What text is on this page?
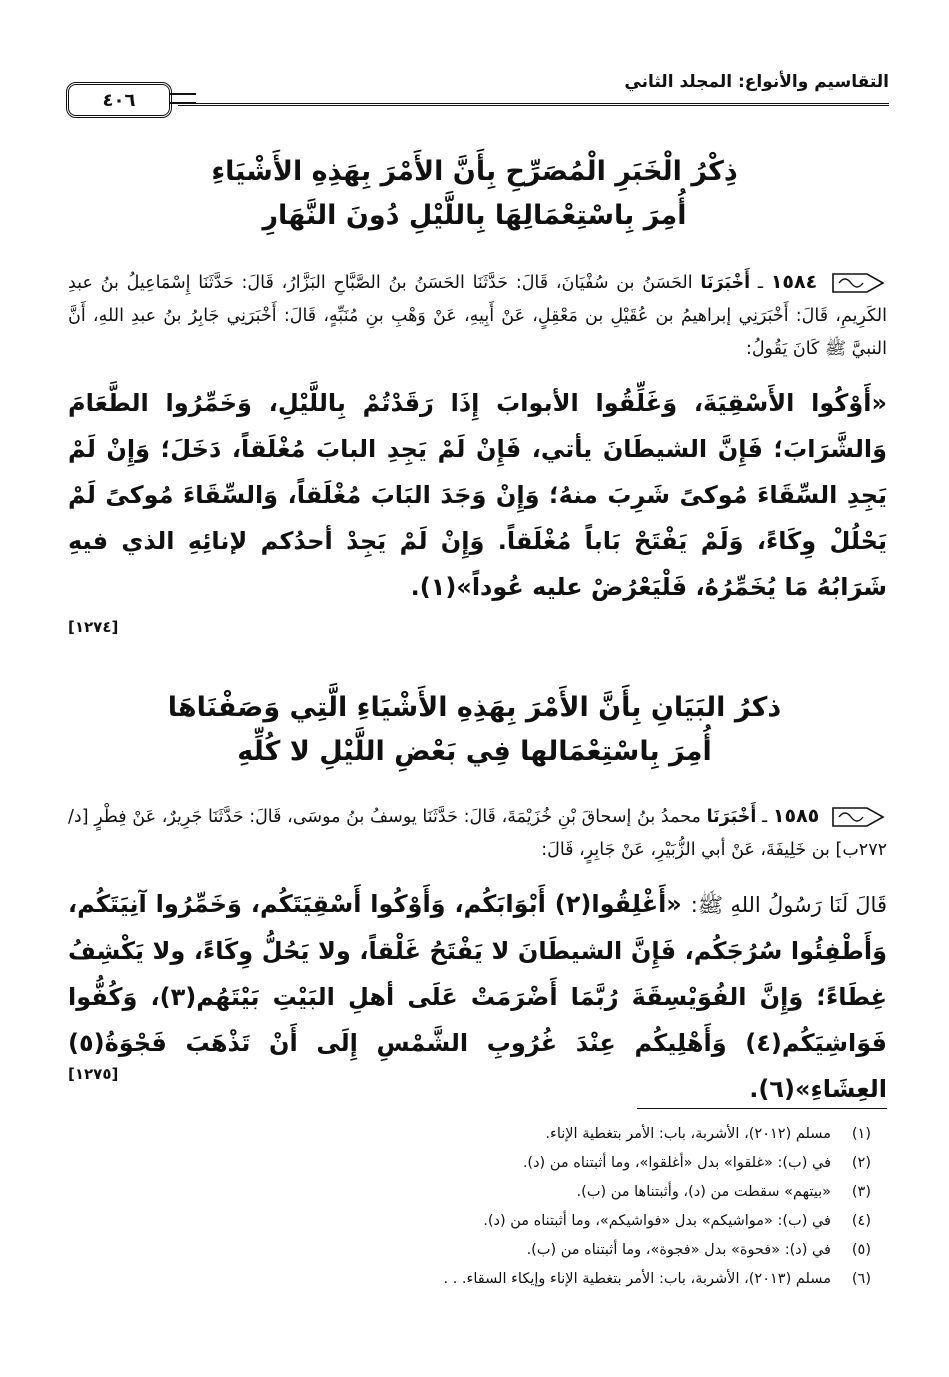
التقاسيم والأنواع: المجلد الثاني
٤٠٦
ذِكْرُ الْخَبَرِ الْمُصَرِّحِ بِأَنَّ الأَمْرَ بِهَذِهِ الأَشْيَاءِ
أُمِرَ بِاسْتِعْمَالِهَا بِاللَّيْلِ دُونَ النَّهَارِ
١٥٨٤ ـ أَخْبَرَنَا الحَسَنُ بن سُفْيَانَ، قَالَ: حَدَّثَنَا الحَسَنُ بنُ الصَّبَّاحِ البَزَّارُ، قَالَ: حَدَّثَنَا إِسْمَاعِيلُ بنُ عبدِ الكَرِيمِ، قَالَ: أَخْبَرَنِي إبراهيمُ بن عُقَيْلِ بن مَعْقِلٍ، عَنْ أَبِيهِ، عَنْ وَهْبِ بنِ مُنَبِّهٍ، قَالَ: أَخْبَرَنِي جَابِرُ بنُ عبدِ اللهِ، أَنَّ النبيَّ ﷺ كَانَ يَقُولُ:
«أَوْكُوا الأَسْقِيَةَ، وَغَلِّقُوا الأبوابَ إِذَا رَقَدْتُمْ بِاللَّيْلِ، وَخَمِّرُوا الطَّعَامَ وَالشَّرَابَ؛ فَإِنَّ الشيطَانَ يأتي، فَإِنْ لَمْ يَجِدِ البابَ مُغْلَقاً، دَخَلَ؛ وَإِنْ لَمْ يَجِدِ السِّقَاءَ مُوكىً شَرِبَ منهُ؛ وَإِنْ وَجَدَ البَابَ مُغْلَقاً، وَالسِّقَاءَ مُوكىً لَمْ يَحْلُلْ وِكَاءً، وَلَمْ يَفْتَحْ بَاباً مُغْلَقاً. وَإِنْ لَمْ يَجِدْ أحدُكم لإنائِهِ الذي فيهِ شَرَابُهُ مَا يُخَمِّرُهُ، فَلْيَعْرُضْ عليه عُوداً»(١).
[١٢٧٤]
ذكرُ البَيَانِ بِأَنَّ الأَمْرَ بِهَذِهِ الأَشْيَاءِ الَّتِي وَصَفْنَاهَا
أُمِرَ بِاسْتِعْمَالها فِي بَعْضِ اللَّيْلِ لا كُلِّهِ
١٥٨٥ ـ أَخْبَرَنَا محمدُ بنُ إسحاقَ بْنِ خُزَيْمَةَ، قَالَ: حَدَّثَنَا يوسفُ بنُ موسَى، قَالَ: حَدَّثَنَا جَرِيرٌ، عَنْ فِطْرٍ [د/ ٢٧٢ب] بن خَلِيفَةَ، عَنْ أبي الزُّبَيْرِ، عَنْ جَابِرٍ، قَالَ:
قَالَ لَنَا رَسُولُ اللهِ ﷺ: «أَغْلِقُوا(٢) أَبْوَابَكُم، وَأَوْكُوا أَسْقِيَتَكُم، وَخَمِّرُوا آنِيَتَكُم، وَأَطْفِئُوا سُرُجَكُم، فَإِنَّ الشيطَانَ لا يَفْتَحُ غَلْقاً، ولا يَحُلُّ وِكَاءً، ولا يَكْشِفُ غِطَاءً؛ وَإِنَّ الفُوَيْسِقَةَ رُبَّمَا أَضْرَمَتْ عَلَى أهلِ البَيْتِ بَيْتَهُم(٣)، وَكُفُّوا فَوَاشِيَكُم(٤) وَأَهْلِيكُم عِنْدَ غُرُوبِ الشَّمْسِ إِلَى أَنْ تَذْهَبَ فَجْوَةُ(٥) العِشَاءِ»(٦).
[١٢٧٥]
(١)
مسلم (٢٠١٢)، الأشربة، باب: الأمر بتغطية الإناء.
(٢)
في (ب): «غلقوا» بدل «أغلقوا»، وما أثبتناه من (د).
(٣)
«بيتهم» سقطت من (د)، وأثبتناها من (ب).
(٤)
في (ب): «مواشيكم» بدل «فواشيكم»، وما أثبتناه من (د).
(٥)
في (د): «فحوة» بدل «فجوة»، وما أثبتناه من (ب).
(٦)
مسلم (٢٠١٣)، الأشربة، باب: الأمر بتغطية الإناء وإيكاء السقاء. . .
